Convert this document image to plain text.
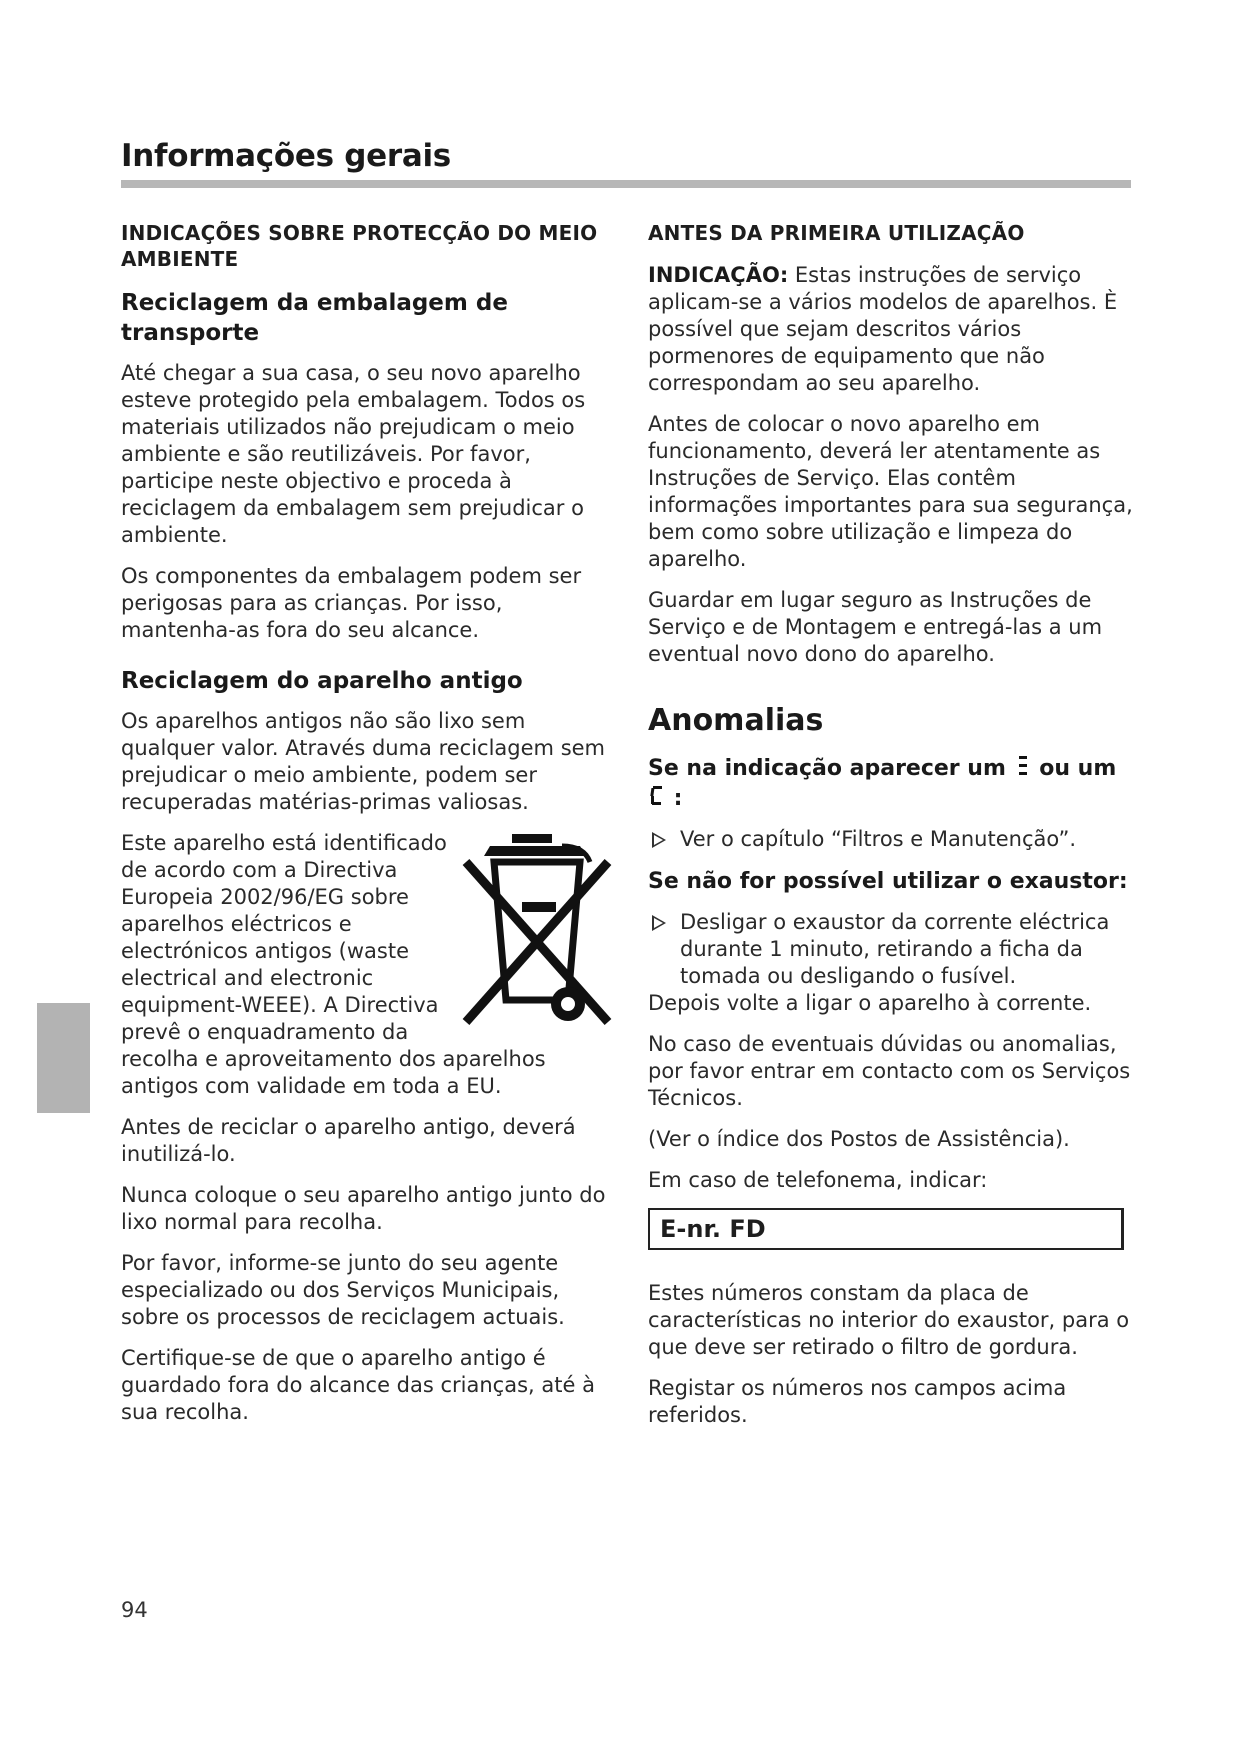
Informações gerais
INDICAÇÕES SOBRE PROTECÇÃO DO MEIO AMBIENTE
Reciclagem da embalagem de transporte

Até chegar a sua casa, o seu novo aparelho esteve protegido pela embalagem. Todos os materiais utilizados não prejudicam o meio ambiente e são reutilizáveis. Por favor, participe neste objectivo e proceda à reciclagem da embalagem sem prejudicar o ambiente.

Os componentes da embalagem podem ser perigosas para as crianças. Por isso, mantenha-as fora do seu alcance.

Reciclagem do aparelho antigo

Os aparelhos antigos não são lixo sem qualquer valor. Através duma reciclagem sem prejudicar o meio ambiente, podem ser recuperadas matérias-primas valiosas.

Este aparelho está identificado de acordo com a Directiva Europeia 2002/96/EG sobre aparelhos eléctricos e electrónicos antigos (waste electrical and electronic equipment-WEEE). A Directiva prevê o enquadramento da recolha e aproveitamento dos aparelhos antigos com validade em toda a EU.

Antes de reciclar o aparelho antigo, deverá inutilizá-lo.

Nunca coloque o seu aparelho antigo junto do lixo normal para recolha.

Por favor, informe-se junto do seu agente especializado ou dos Serviços Municipais, sobre os processos de reciclagem actuais.

Certifique-se de que o aparelho antigo é guardado fora do alcance das crianças, até à sua recolha.

ANTES DA PRIMEIRA UTILIZAÇÃO

INDICAÇÃO: Estas instruções de serviço aplicam-se a vários modelos de aparelhos. È possível que sejam descritos vários pormenores de equipamento que não correspondam ao seu aparelho.

Antes de colocar o novo aparelho em funcionamento, deverá ler atentamente as Instruções de Serviço. Elas contêm informações importantes para sua segurança, bem como sobre utilização e limpeza do aparelho.

Guardar em lugar seguro as Instruções de Serviço e de Montagem e entregá-las a um eventual novo dono do aparelho.

Anomalias
Se na indicação aparecer um ou um  :

Ver o capítulo “Filtros e Manutenção”.

Se não for possível utilizar o exaustor:

Desligar o exaustor da corrente eléctrica durante 1 minuto, retirando a ficha da tomada ou desligando o fusível.

Depois volte a ligar o aparelho à corrente.

No caso de eventuais dúvidas ou anomalias, por favor entrar em contacto com os Serviços Técnicos.

(Ver o índice dos Postos de Assistência).

Em caso de telefonema, indicar:

E-nr. FD

Estes números constam da placa de características no interior do exaustor, para o que deve ser retirado o filtro de gordura.

Registar os números nos campos acima referidos.

94
